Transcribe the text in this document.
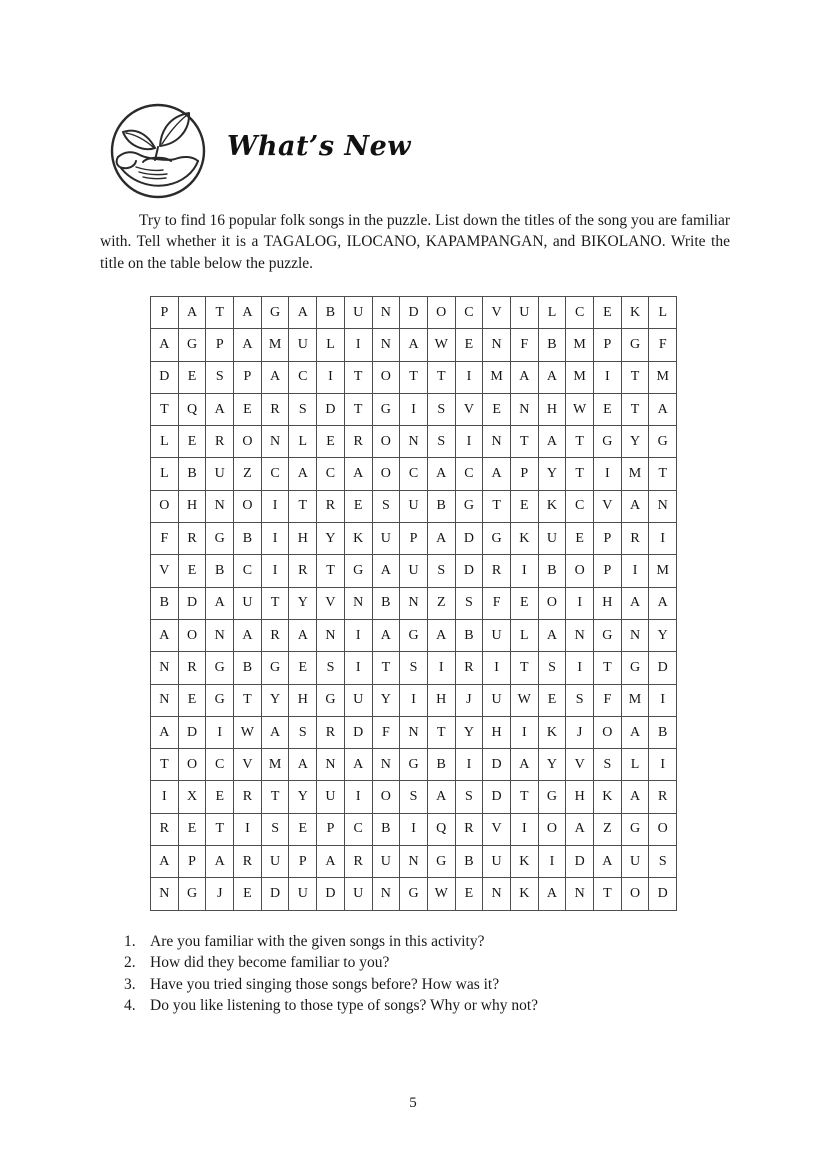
What’s New

Try to find 16 popular folk songs in the puzzle. List down the titles of the song you are familiar with. Tell whether it is a TAGALOG, ILOCANO, KAPAMPANGAN, and BIKOLANO. Write the title on the table below the puzzle.

P	A	T	A	G	A	B	U	N	D	O	C	V	U	L	C	E	K	L
A	G	P	A	M	U	L	I	N	A	W	E	N	F	B	M	P	G	F
D	E	S	P	A	C	I	T	O	T	T	I	M	A	A	M	I	T	M
T	Q	A	E	R	S	D	T	G	I	S	V	E	N	H	W	E	T	A
L	E	R	O	N	L	E	R	O	N	S	I	N	T	A	T	G	Y	G
L	B	U	Z	C	A	C	A	O	C	A	C	A	P	Y	T	I	M	T
O	H	N	O	I	T	R	E	S	U	B	G	T	E	K	C	V	A	N
F	R	G	B	I	H	Y	K	U	P	A	D	G	K	U	E	P	R	I
V	E	B	C	I	R	T	G	A	U	S	D	R	I	B	O	P	I	M
B	D	A	U	T	Y	V	N	B	N	Z	S	F	E	O	I	H	A	A
A	O	N	A	R	A	N	I	A	G	A	B	U	L	A	N	G	N	Y
N	R	G	B	G	E	S	I	T	S	I	R	I	T	S	I	T	G	D
N	E	G	T	Y	H	G	U	Y	I	H	J	U	W	E	S	F	M	I
A	D	I	W	A	S	R	D	F	N	T	Y	H	I	K	J	O	A	B
T	O	C	V	M	A	N	A	N	G	B	I	D	A	Y	V	S	L	I
I	X	E	R	T	Y	U	I	O	S	A	S	D	T	G	H	K	A	R
R	E	T	I	S	E	P	C	B	I	Q	R	V	I	O	A	Z	G	O
A	P	A	R	U	P	A	R	U	N	G	B	U	K	I	D	A	U	S
N	G	J	E	D	U	D	U	N	G	W	E	N	K	A	N	T	O	D
1. Are you familiar with the given songs in this activity?
2. How did they become familiar to you?
3. Have you tried singing those songs before? How was it?
4. Do you like listening to those type of songs? Why or why not?
5
